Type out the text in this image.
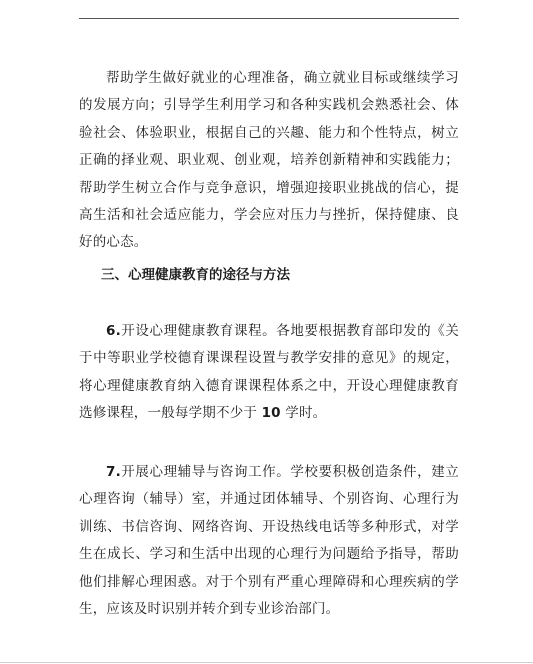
帮助学生做好就业的心理准备，确立就业目标或继续学习的发展方向；引导学生利用学习和各种实践机会熟悉社会、体验社会、体验职业，根据自己的兴趣、能力和个性特点，树立正确的择业观、职业观、创业观，培养创新精神和实践能力；帮助学生树立合作与竞争意识，增强迎接职业挑战的信心，提高生活和社会适应能力，学会应对压力与挫折，保持健康、良好的心态。

三、心理健康教育的途径与方法

6.开设心理健康教育课程。各地要根据教育部印发的《关于中等职业学校德育课课程设置与教学安排的意见》的规定，将心理健康教育纳入德育课课程体系之中，开设心理健康教育选修课程，一般每学期不少于 10 学时。

7.开展心理辅导与咨询工作。学校要积极创造条件，建立心理咨询（辅导）室，并通过团体辅导、个别咨询、心理行为训练、书信咨询、网络咨询、开设热线电话等多种形式，对学生在成长、学习和生活中出现的心理行为问题给予指导，帮助他们排解心理困惑。对于个别有严重心理障碍和心理疾病的学生，应该及时识别并转介到专业诊治部门。
